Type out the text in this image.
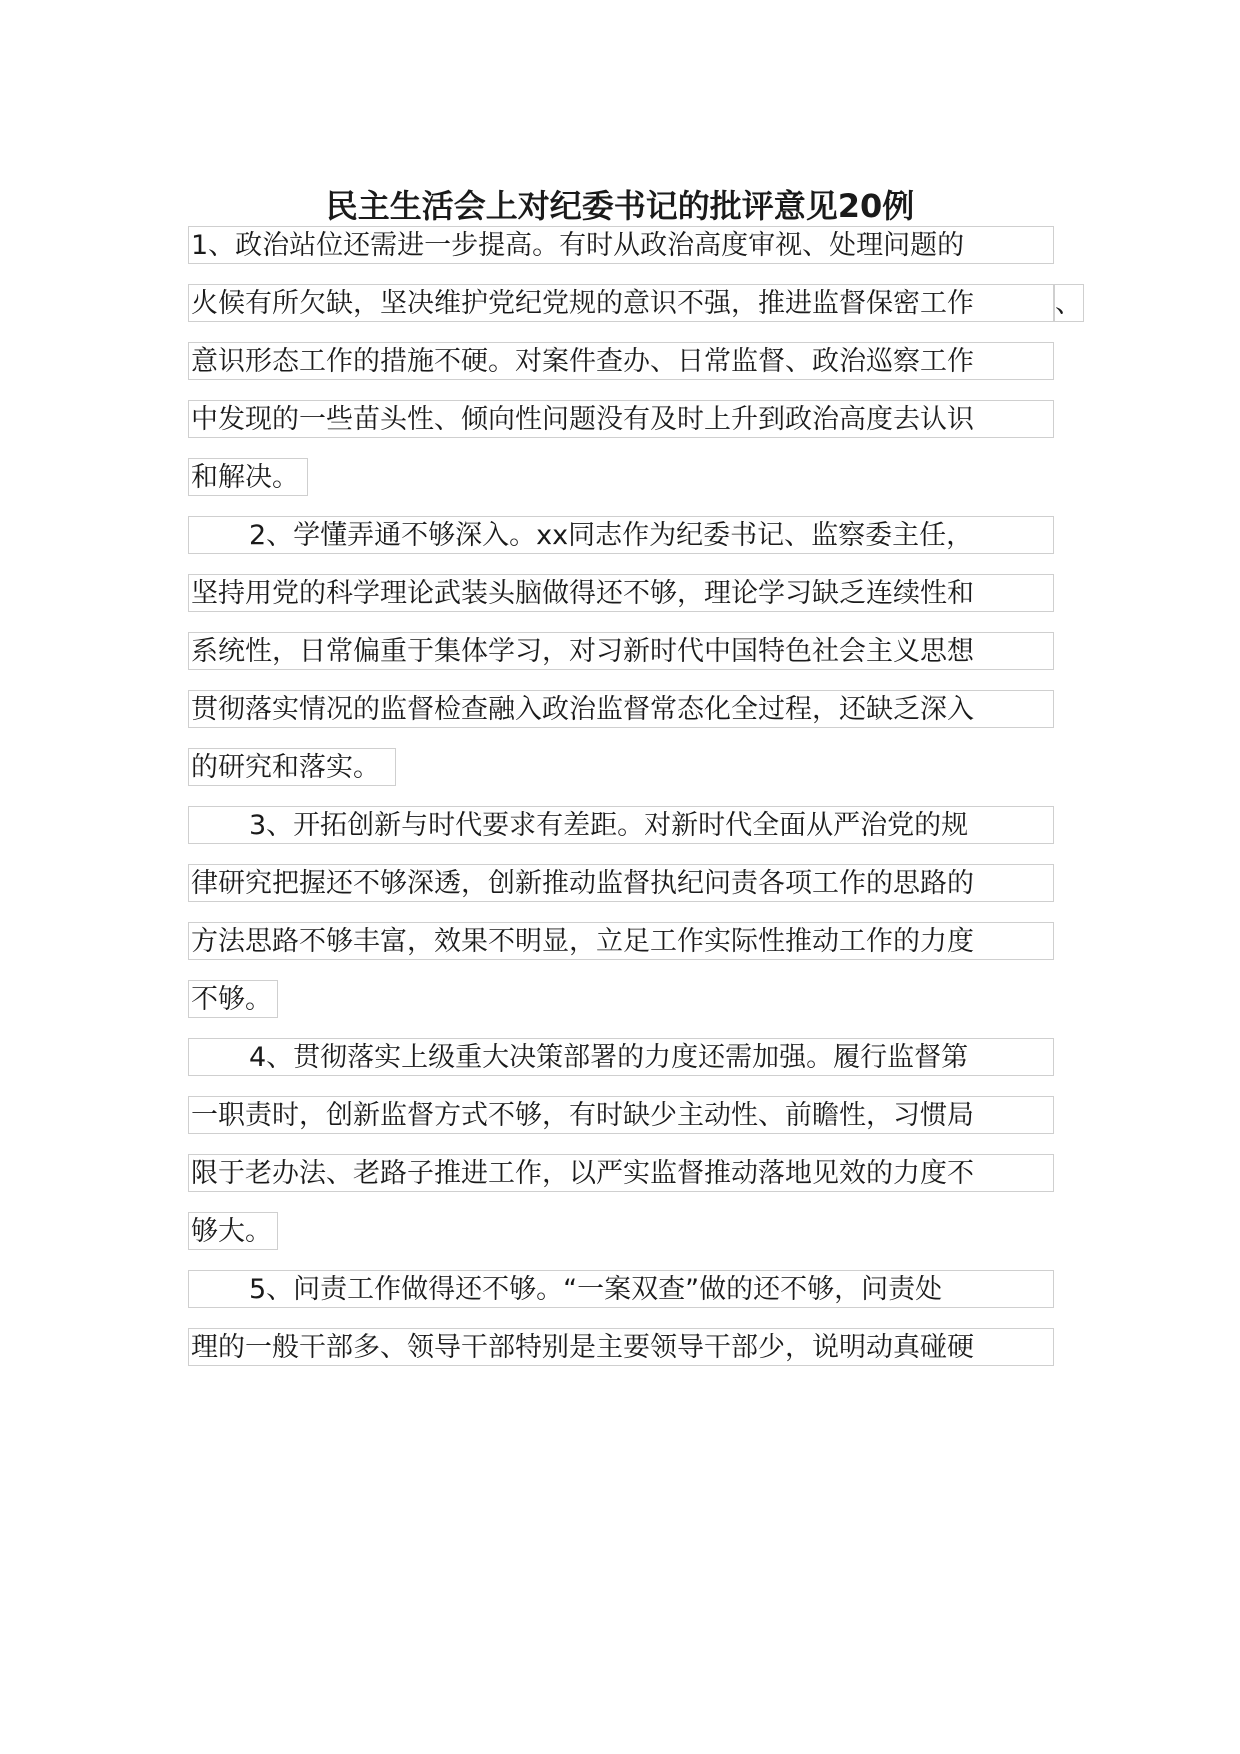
民主生活会上对纪委书记的批评意见20例
1、政治站位还需进一步提高。有时从政治高度审视、处理问题的
火候有所欠缺，坚决维护党纪党规的意识不强，推进监督保密工作	、
意识形态工作的措施不硬。对案件查办、日常监督、政治巡察工作
中发现的一些苗头性、倾向性问题没有及时上升到政治高度去认识
和解决。
2、学懂弄通不够深入。xx同志作为纪委书记、监察委主任，
坚持用党的科学理论武装头脑做得还不够，理论学习缺乏连续性和
系统性，日常偏重于集体学习，对习新时代中国特色社会主义思想
贯彻落实情况的监督检查融入政治监督常态化全过程，还缺乏深入
的研究和落实。
3、开拓创新与时代要求有差距。对新时代全面从严治党的规
律研究把握还不够深透，创新推动监督执纪问责各项工作的思路的
方法思路不够丰富，效果不明显，立足工作实际性推动工作的力度
不够。
4、贯彻落实上级重大决策部署的力度还需加强。履行监督第
一职责时，创新监督方式不够，有时缺少主动性、前瞻性，习惯局
限于老办法、老路子推进工作，以严实监督推动落地见效的力度不
够大。
5、问责工作做得还不够。“一案双查”做的还不够，问责处
理的一般干部多、领导干部特别是主要领导干部少，说明动真碰硬
